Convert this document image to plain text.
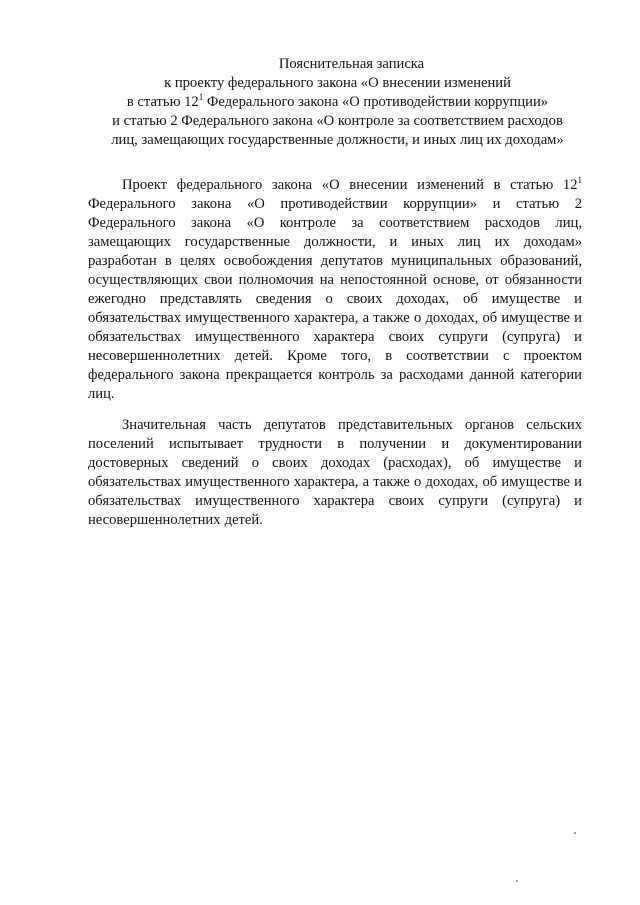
Пояснительная записка
к проекту федерального закона «О внесении изменений
в статью $12^1$ Федерального закона «О противодействии коррупции»
и статью 2 Федерального закона «О контроле за соответствием расходов
лиц, замещающих государственные должности, и иных лиц их доходам»

Проект федерального закона «О внесении изменений в статью $12^1$ Федерального закона «О противодействии коррупции» и статью 2 Федерального закона «О контроле за соответствием расходов лиц, замещающих государственные должности, и иных лиц их доходам» разработан в целях освобождения депутатов муниципальных образований, осуществляющих свои полномочия на непостоянной основе, от обязанности ежегодно представлять сведения о своих доходах, об имуществе и обязательствах имущественного характера, а также о доходах, об имуществе и обязательствах имущественного характера своих супруги (супруга) и несовершеннолетних детей. Кроме того, в соответствии с проектом федерального закона прекращается контроль за расходами данной категории лиц.

Значительная часть депутатов представительных органов сельских поселений испытывает трудности в получении и документировании достоверных сведений о своих доходах (расходах), об имуществе и обязательствах имущественного характера, а также о доходах, об имуществе и обязательствах имущественного характера своих супруги (супруга) и несовершеннолетних детей.
